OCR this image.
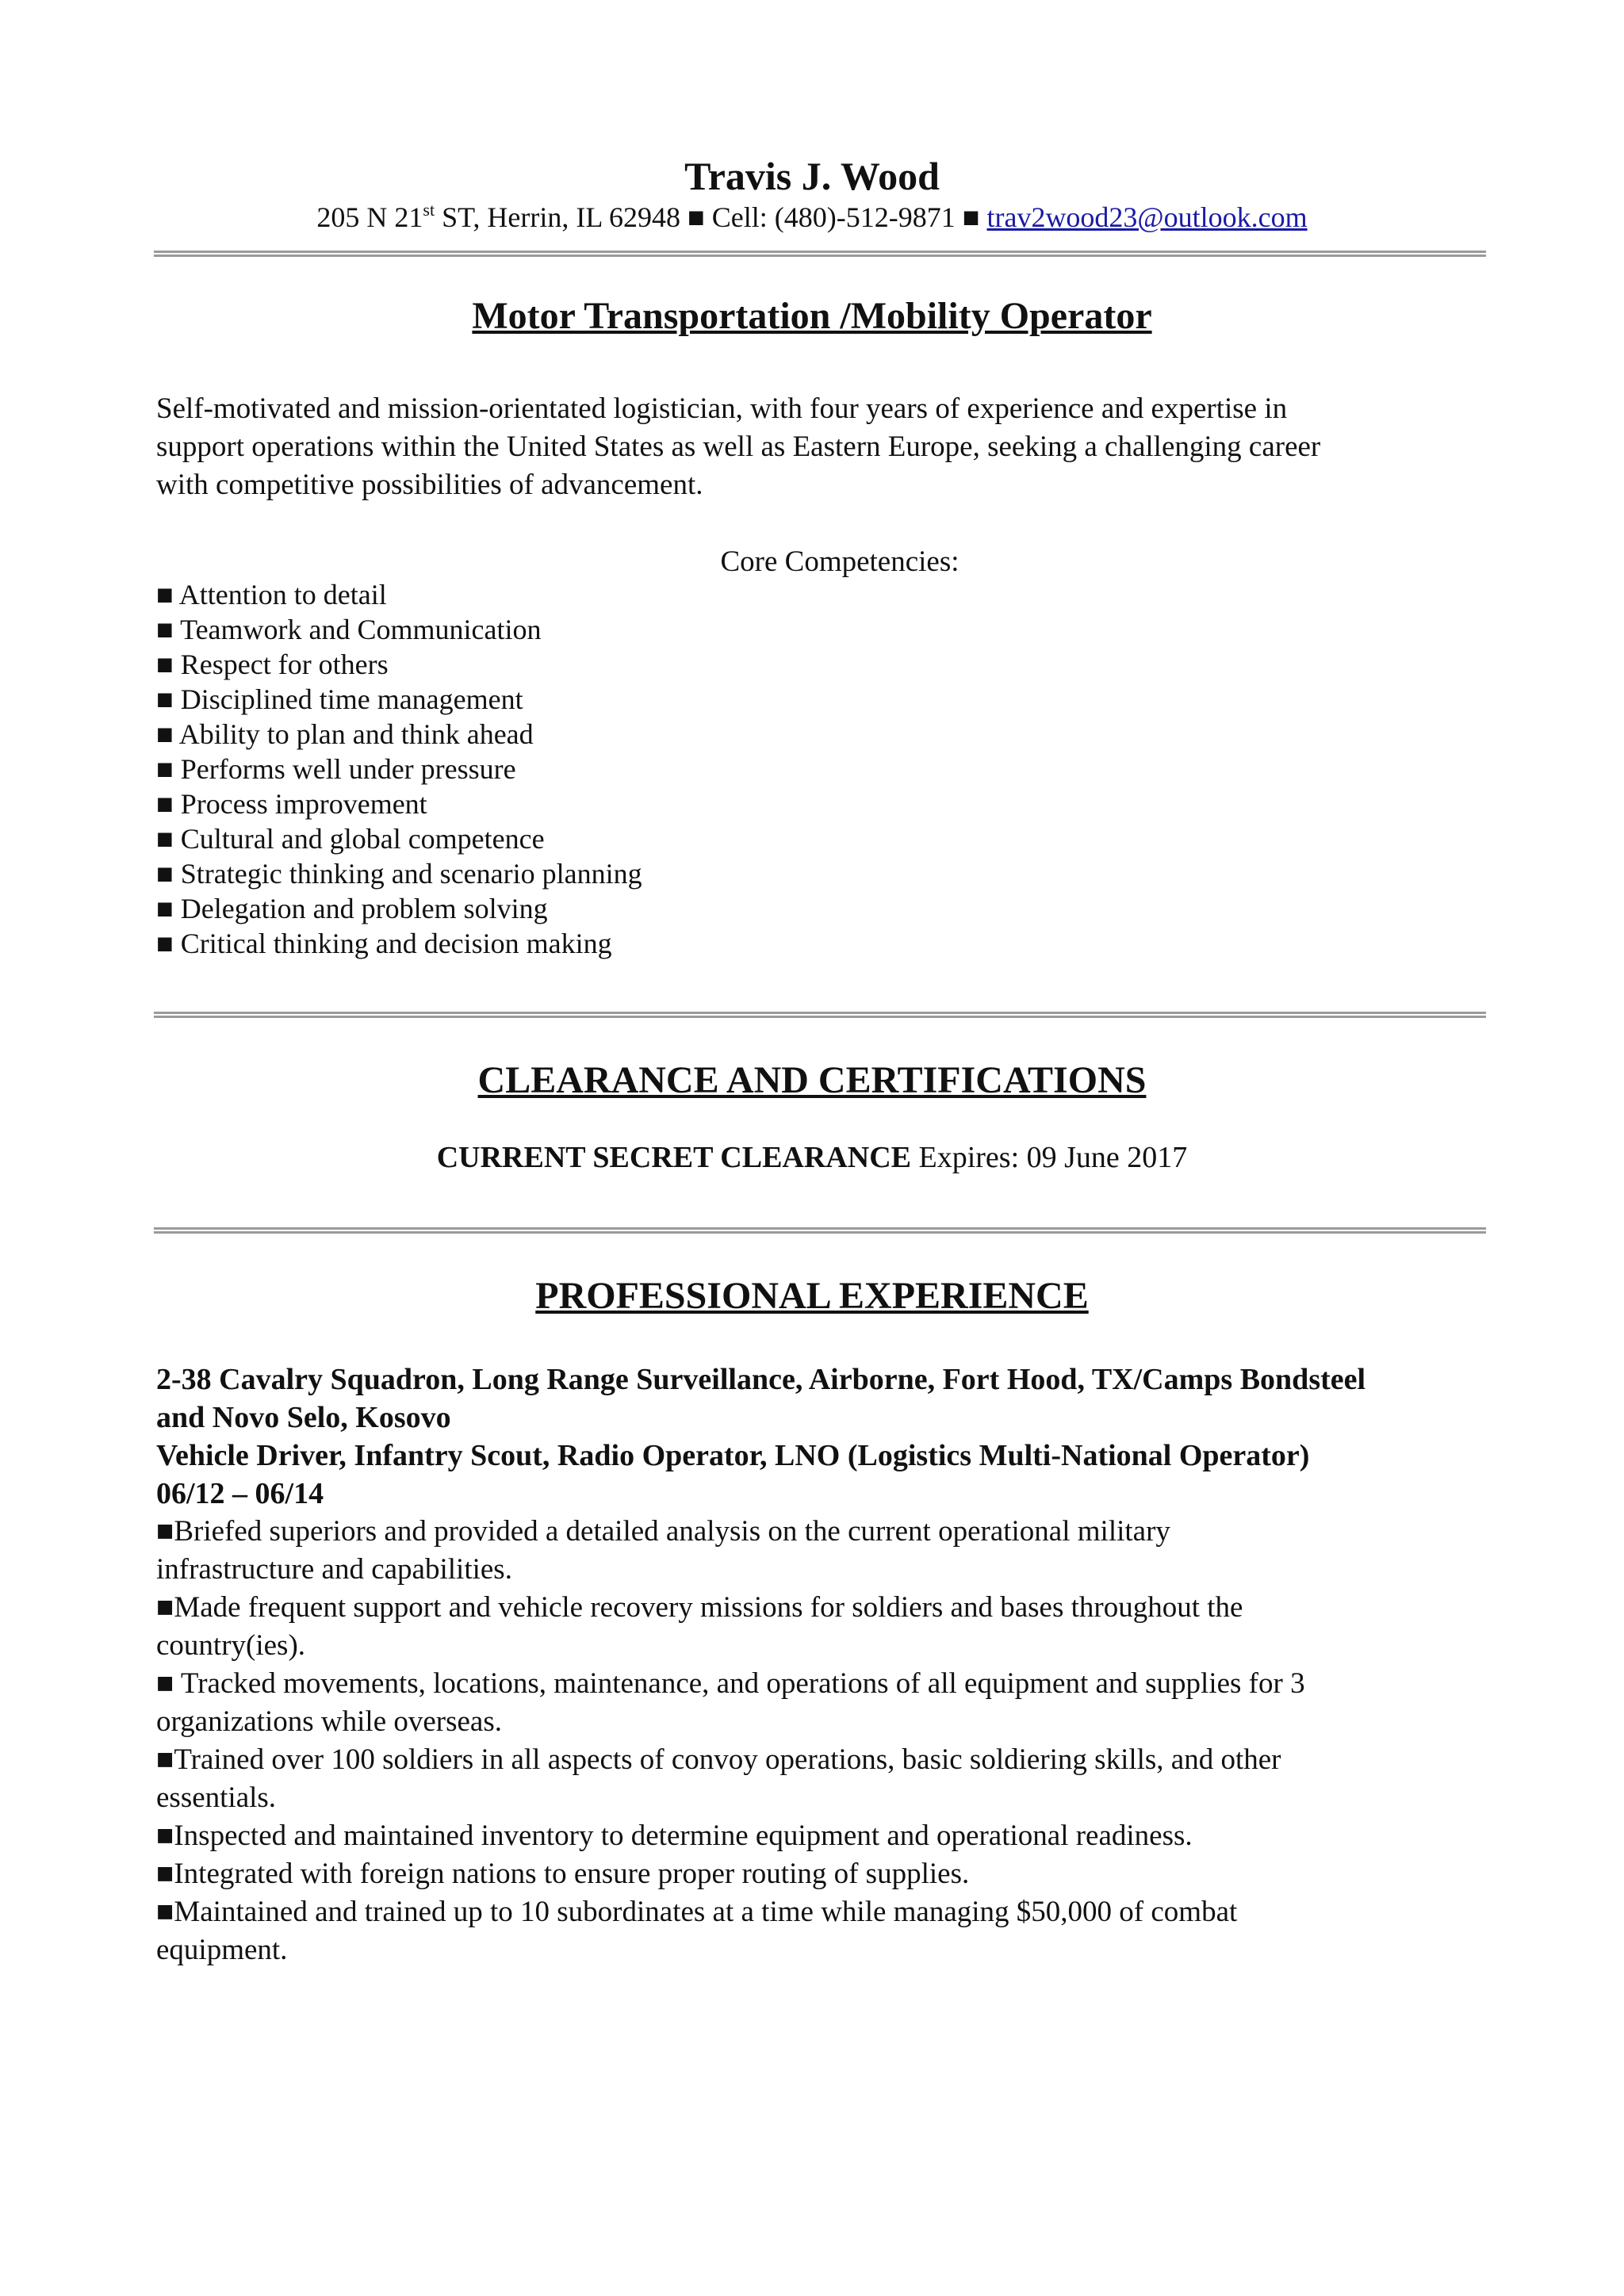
Travis J. Wood
205 N 21st ST, Herrin, IL 62948 ■ Cell: (480)-512-9871 ■ trav2wood23@outlook.com
Motor Transportation /Mobility Operator
Self-motivated and mission-orientated logistician, with four years of experience and expertise in
support operations within the United States as well as Eastern Europe, seeking a challenging career
with competitive possibilities of advancement.
Core Competencies:
■ Attention to detail
■ Teamwork and Communication
■ Respect for others
■ Disciplined time management
■ Ability to plan and think ahead
■ Performs well under pressure
■ Process improvement
■ Cultural and global competence
■ Strategic thinking and scenario planning
■ Delegation and problem solving
■ Critical thinking and decision making
CLEARANCE AND CERTIFICATIONS
CURRENT SECRET CLEARANCE Expires: 09 June 2017
PROFESSIONAL EXPERIENCE

2-38 Cavalry Squadron, Long Range Surveillance, Airborne, Fort Hood, TX/Camps Bondsteel

and Novo Selo, Kosovo

Vehicle Driver, Infantry Scout, Radio Operator, LNO (Logistics Multi-National Operator)

06/12 – 06/14

■Briefed superiors and provided a detailed analysis on the current operational military

infrastructure and capabilities.

■Made frequent support and vehicle recovery missions for soldiers and bases throughout the

country(ies).

■ Tracked movements, locations, maintenance, and operations of all equipment and supplies for 3

organizations while overseas.

■Trained over 100 soldiers in all aspects of convoy operations, basic soldiering skills, and other

essentials.

■Inspected and maintained inventory to determine equipment and operational readiness.

■Integrated with foreign nations to ensure proper routing of supplies.

■Maintained and trained up to 10 subordinates at a time while managing $50,000 of combat

equipment.
